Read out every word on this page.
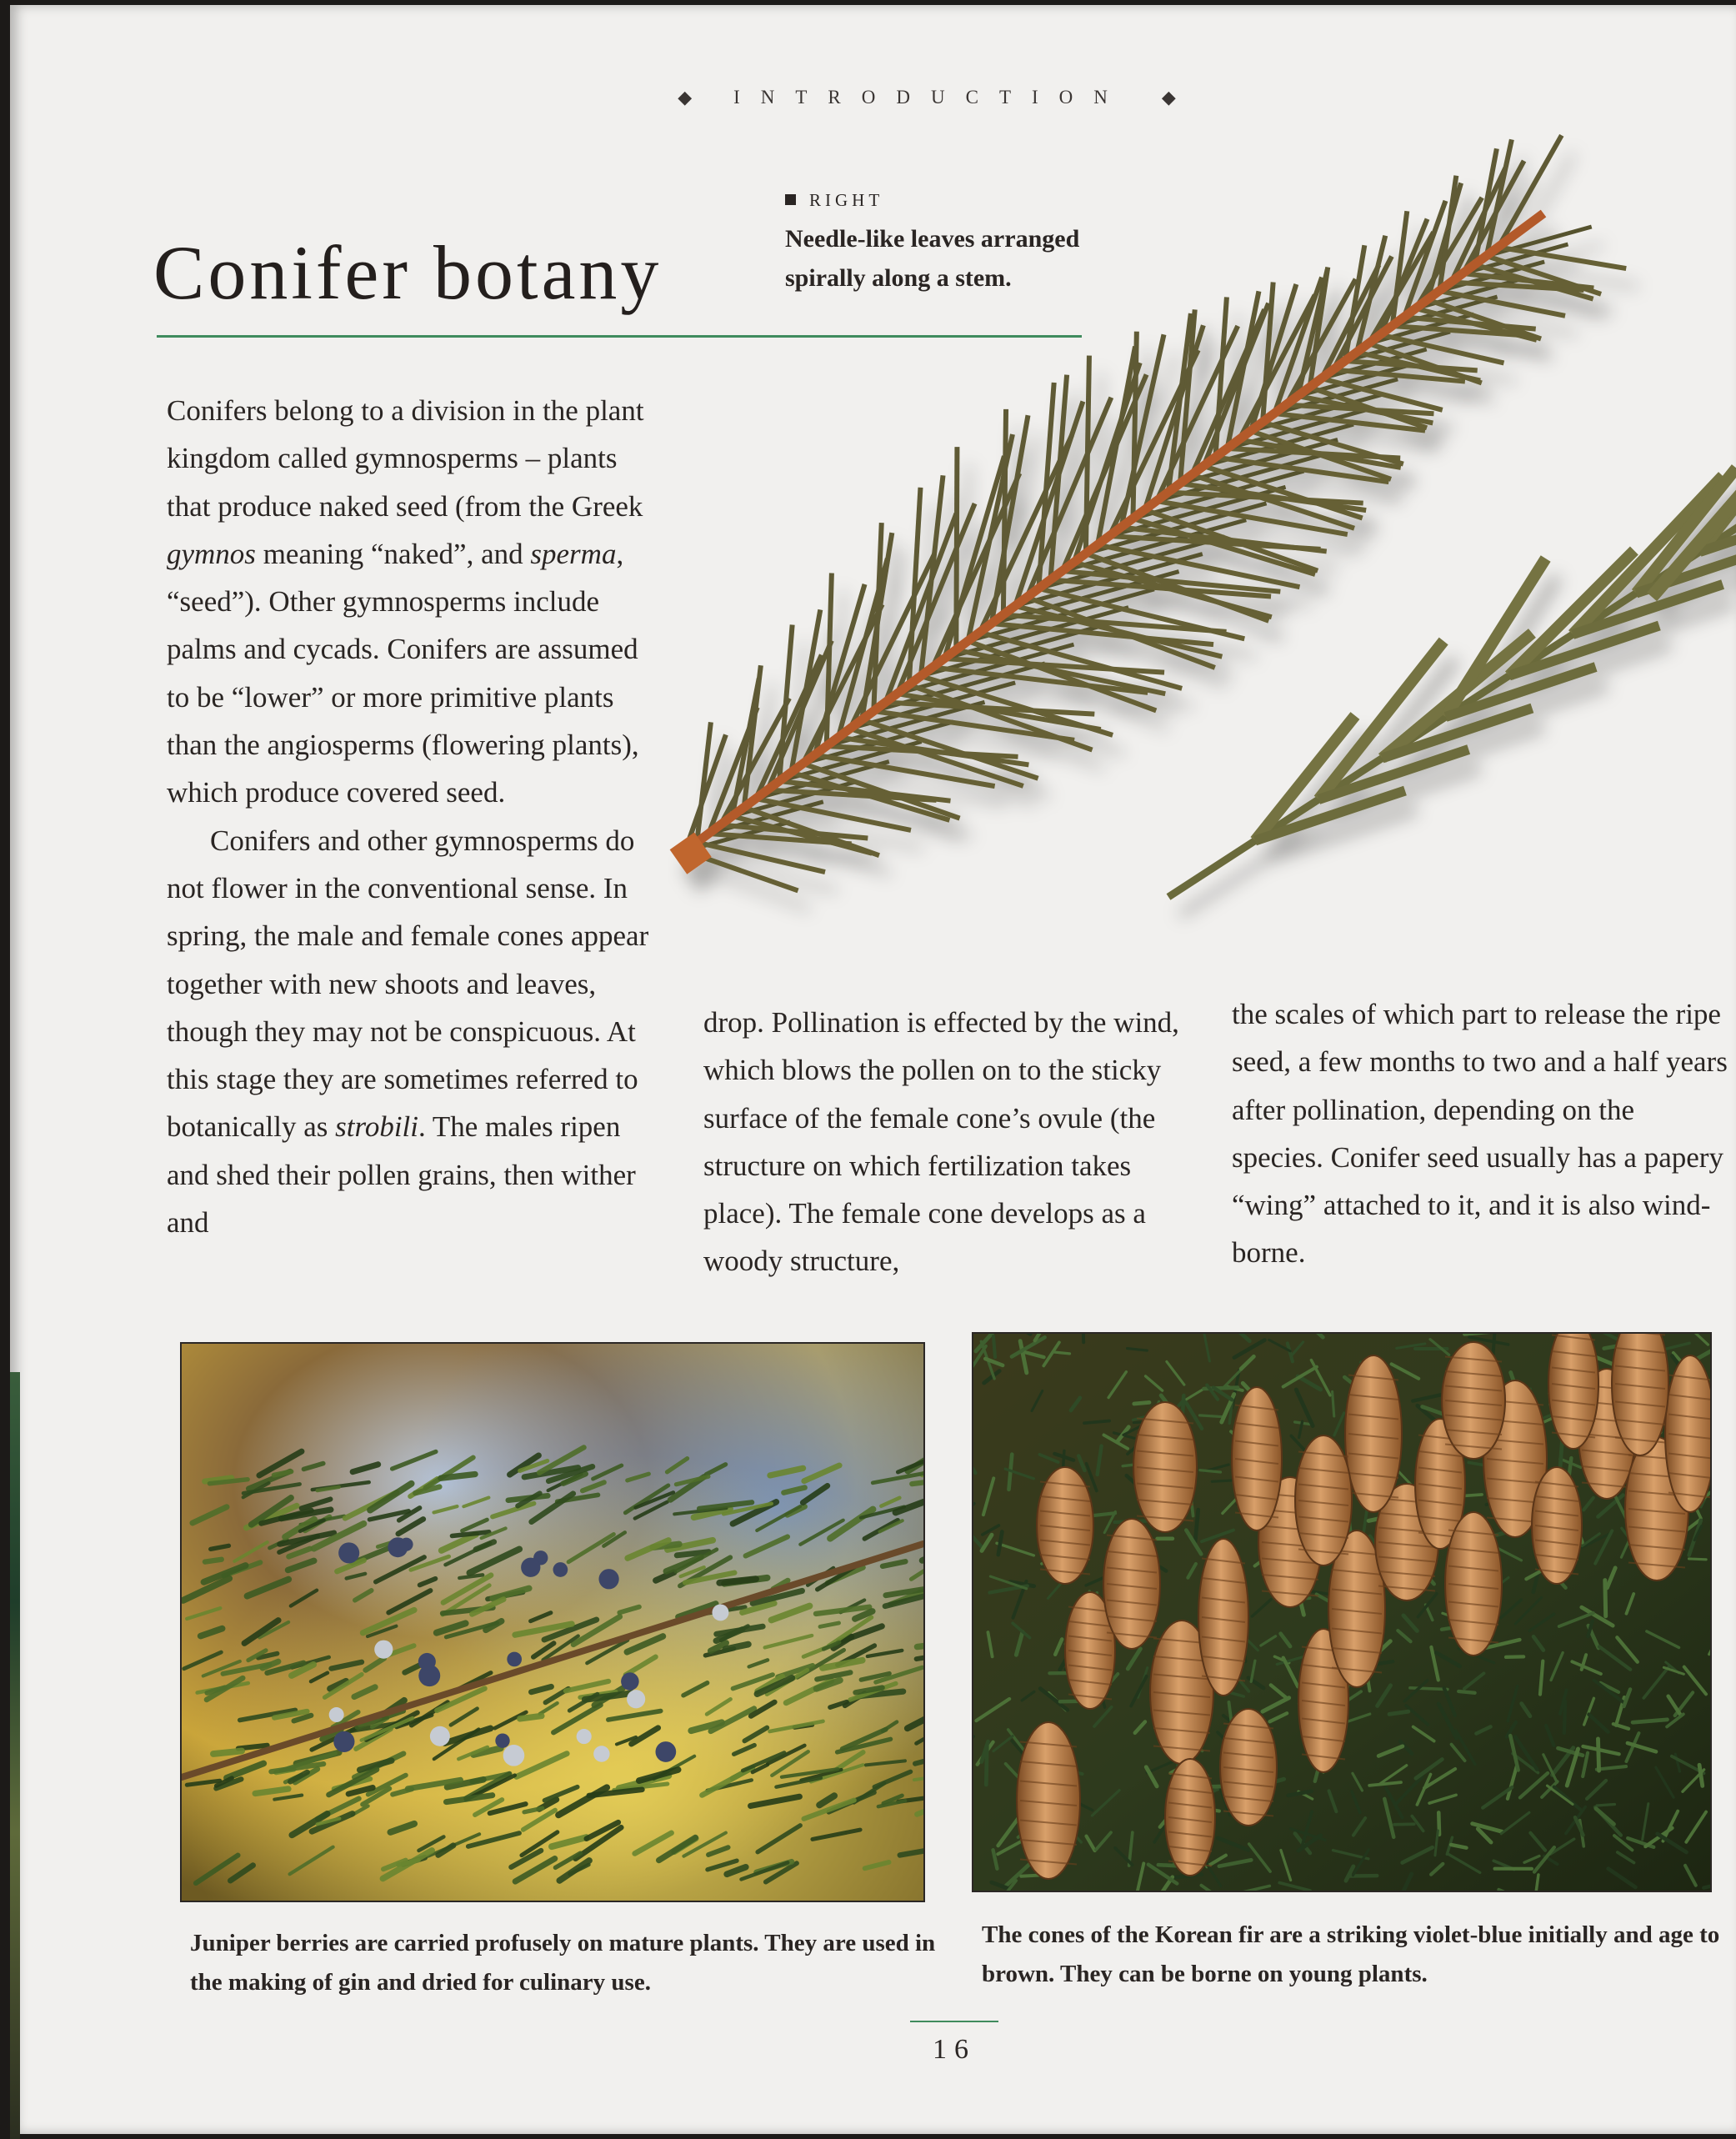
◆ INTRODUCTION ◆
Conifer botany
RIGHT
Needle-like leaves arranged spirally along a stem.

Conifers belong to a division in the plant kingdom called gymnosperms – plants that produce naked seed (from the Greek gymnos meaning “naked”, and sperma, “seed”). Other gymnosperms include palms and cycads. Conifers are assumed to be “lower” or more primitive plants than the angiosperms (flowering plants), which produce covered seed.

Conifers and other gymnosperms do not flower in the conventional sense. In spring, the male and female cones appear together with new shoots and leaves, though they may not be conspicuous. At this stage they are sometimes referred to botanically as strobili. The males ripen and shed their pollen grains, then wither and

drop. Pollination is effected by the wind, which blows the pollen on to the sticky surface of the female cone’s ovule (the structure on which fertilization takes place). The female cone develops as a woody structure,

the scales of which part to release the ripe seed, a few months to two and a half years after pollination, depending on the species. Conifer seed usually has a papery “wing” attached to it, and it is also wind-borne.

Juniper berries are carried profusely on mature plants. They are used in the making of gin and dried for culinary use.
The cones of the Korean fir are a striking violet-blue initially and age to brown. They can be borne on young plants.
16
